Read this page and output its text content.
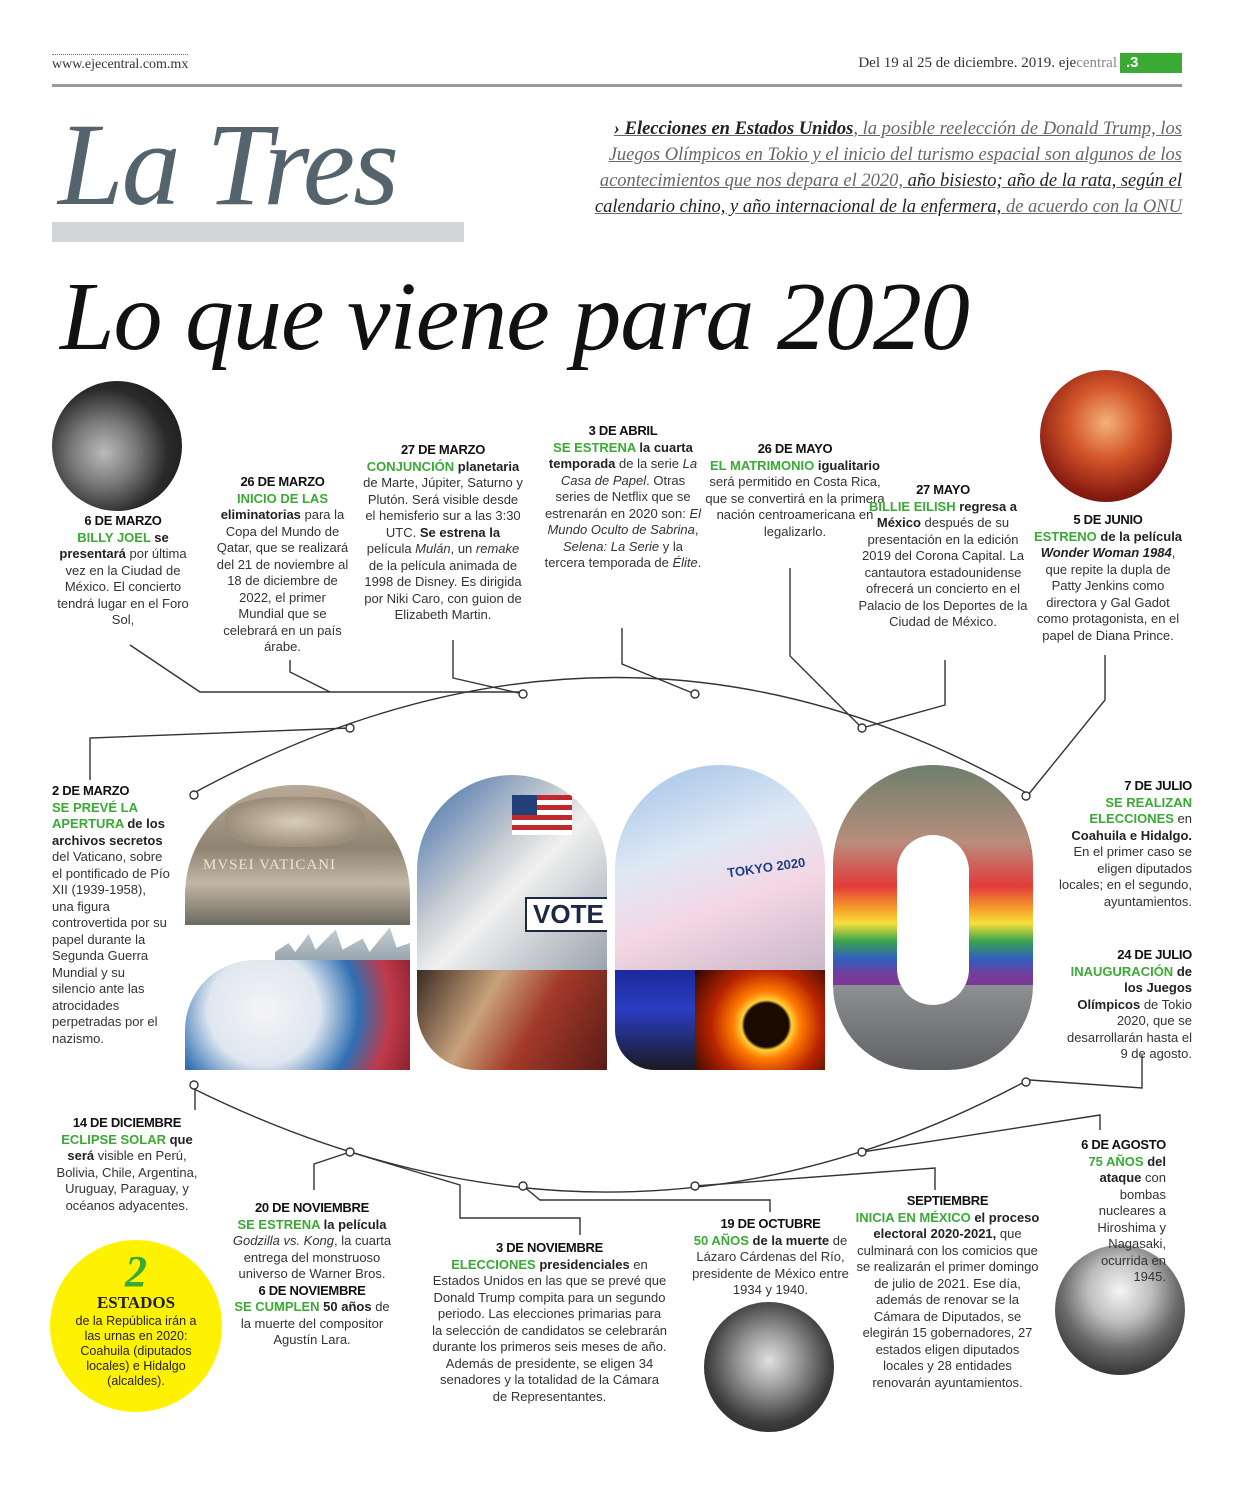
www.ejecentral.com.mx	Del 19 al 25 de diciembre. 2019.
eje central .3
La Tres	› Elecciones en Estados Unidos, la posible reelección de Donald Trump, los Juegos Olímpicos en Tokio y el inicio del turismo espacial son algunos de los acontecimientos que nos depara el 2020, año bisiesto; año de la rata, según el calendario chino, y año internacional de la enfermera, de acuerdo con la ONU
Lo que viene para 2020
MVSEI VATICANI
VOTE
TOKYO 2020
6 DE MARZO
BILLY JOEL se presentará por última vez en la Ciudad de México. El concierto tendrá lugar en el Foro Sol,
26 DE MARZO
INICIO DE LAS eliminatorias para la Copa del Mundo de Qatar, que se realizará del 21 de noviembre al 18 de diciembre de 2022, el primer Mundial que se celebrará en un país árabe.
27 DE MARZO
CONJUNCIÓN planetaria de Marte, Júpiter, Saturno y Plutón. Será visible desde el hemisferio sur a las 3:30 UTC. Se estrena la película Mulán, un remake de la película animada de 1998 de Disney. Es dirigida por Niki Caro, con guion de Elizabeth Martin.
3 DE ABRIL
SE ESTRENA la cuarta temporada de la serie La Casa de Papel. Otras series de Netflix que se estrenarán en 2020 son: El Mundo Oculto de Sabrina, Selena: La Serie y la tercera temporada de Élite.
26 DE MAYO
EL MATRIMONIO igualitario será permitido en Costa Rica, que se convertirá en la primera nación centroamericana en legalizarlo.
27 MAYO
BILLIE EILISH regresa a México después de su presentación en la edición 2019 del Corona Capital. La cantautora estadounidense ofrecerá un concierto en el Palacio de los Deportes de la Ciudad de México.
5 DE JUNIO
ESTRENO de la película Wonder Woman 1984, que repite la dupla de Patty Jenkins como directora y Gal Gadot como protagonista, en el papel de Diana Prince.
2 DE MARZO
SE PREVÉ LA APERTURA de los archivos secretos del Vaticano, sobre el pontificado de Pío XII (1939-1958), una figura controvertida por su papel durante la Segunda Guerra Mundial y su silencio ante las atrocidades perpetradas por el nazismo.
7 DE JULIO
SE REALIZAN ELECCIONES en Coahuila e Hidalgo. En el primer caso se eligen diputados locales; en el segundo, ayuntamientos.
24 DE JULIO
INAUGURACIÓN de los Juegos Olímpicos de Tokio 2020, que se desarrollarán hasta el 9 de agosto.
14 DE DICIEMBRE
ECLIPSE SOLAR que será visible en Perú, Bolivia, Chile, Argentina, Uruguay, Paraguay, y océanos adyacentes.	20 DE NOVIEMBRE
SE ESTRENA la película Godzilla vs. Kong, la cuarta entrega del monstruoso universo de Warner Bros.
6 DE NOVIEMBRE
SE CUMPLEN 50 años de la muerte del compositor Agustín Lara.
3 DE NOVIEMBRE
ELECCIONES presidenciales en Estados Unidos en las que se prevé que Donald Trump compita para un segundo periodo. Las elecciones primarias para la selección de candidatos se celebrarán durante los primeros seis meses de año. Además de presidente, se eligen 34 senadores y la totalidad de la Cámara de Representantes.
19 DE OCTUBRE
50 AÑOS de la muerte de Lázaro Cárdenas del Río, presidente de México entre 1934 y 1940.
SEPTIEMBRE
INICIA EN MÉXICO el proceso electoral 2020-2021, que culminará con los comicios que se realizarán el primer domingo de julio de 2021. Ese día, además de renovar se la Cámara de Diputados, se elegirán 15 gobernadores, 27 estados eligen diputados locales y 28 entidades renovarán ayuntamientos.
6 DE AGOSTO
75 AÑOS del ataque con bombas nucleares a Hiroshima y Nagasaki, ocurrida en 1945.
2
ESTADOS
de la República irán a las urnas en 2020: Coahuila (diputados locales) e Hidalgo (alcaldes).
